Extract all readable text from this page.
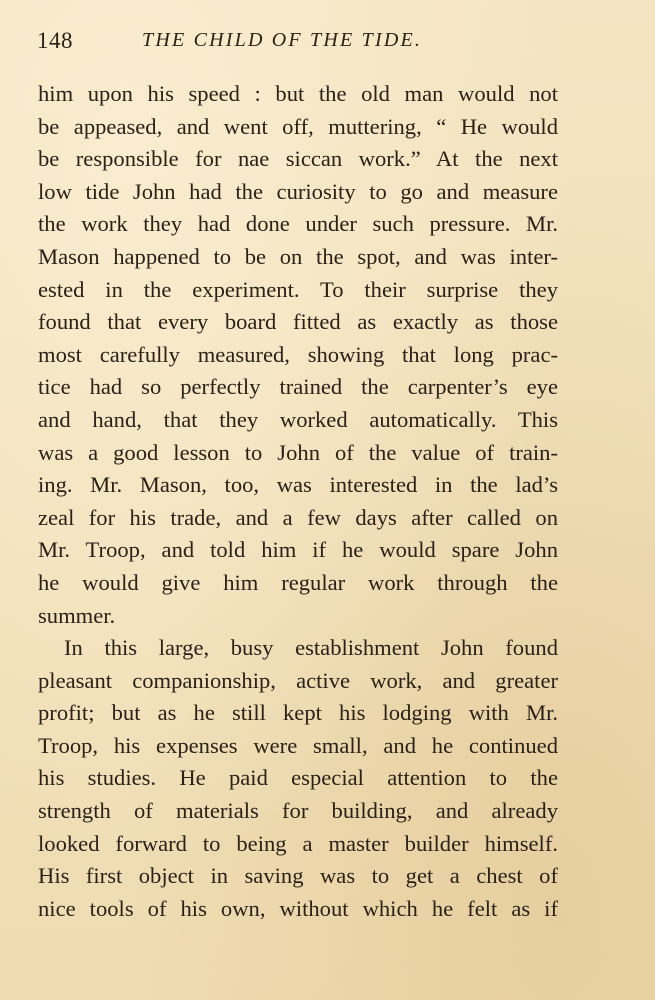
148	THE CHILD OF THE TIDE.
him upon his speed : but the old man would not
be appeased, and went off, muttering, “ He would
be responsible for nae siccan work.” At the next
low tide John had the curiosity to go and measure
the work they had done under such pressure. Mr.
Mason happened to be on the spot, and was inter-
ested in the experiment. To their surprise they
found that every board fitted as exactly as those
most carefully measured, showing that long prac-
tice had so perfectly trained the carpenter’s eye
and hand, that they worked automatically. This
was a good lesson to John of the value of train-
ing. Mr. Mason, too, was interested in the lad’s
zeal for his trade, and a few days after called on
Mr. Troop, and told him if he would spare John
he would give him regular work through the
summer.
In this large, busy establishment John found
pleasant companionship, active work, and greater
profit; but as he still kept his lodging with Mr.
Troop, his expenses were small, and he continued
his studies. He paid especial attention to the
strength of materials for building, and already
looked forward to being a master builder himself.
His first object in saving was to get a chest of
nice tools of his own, without which he felt as if
